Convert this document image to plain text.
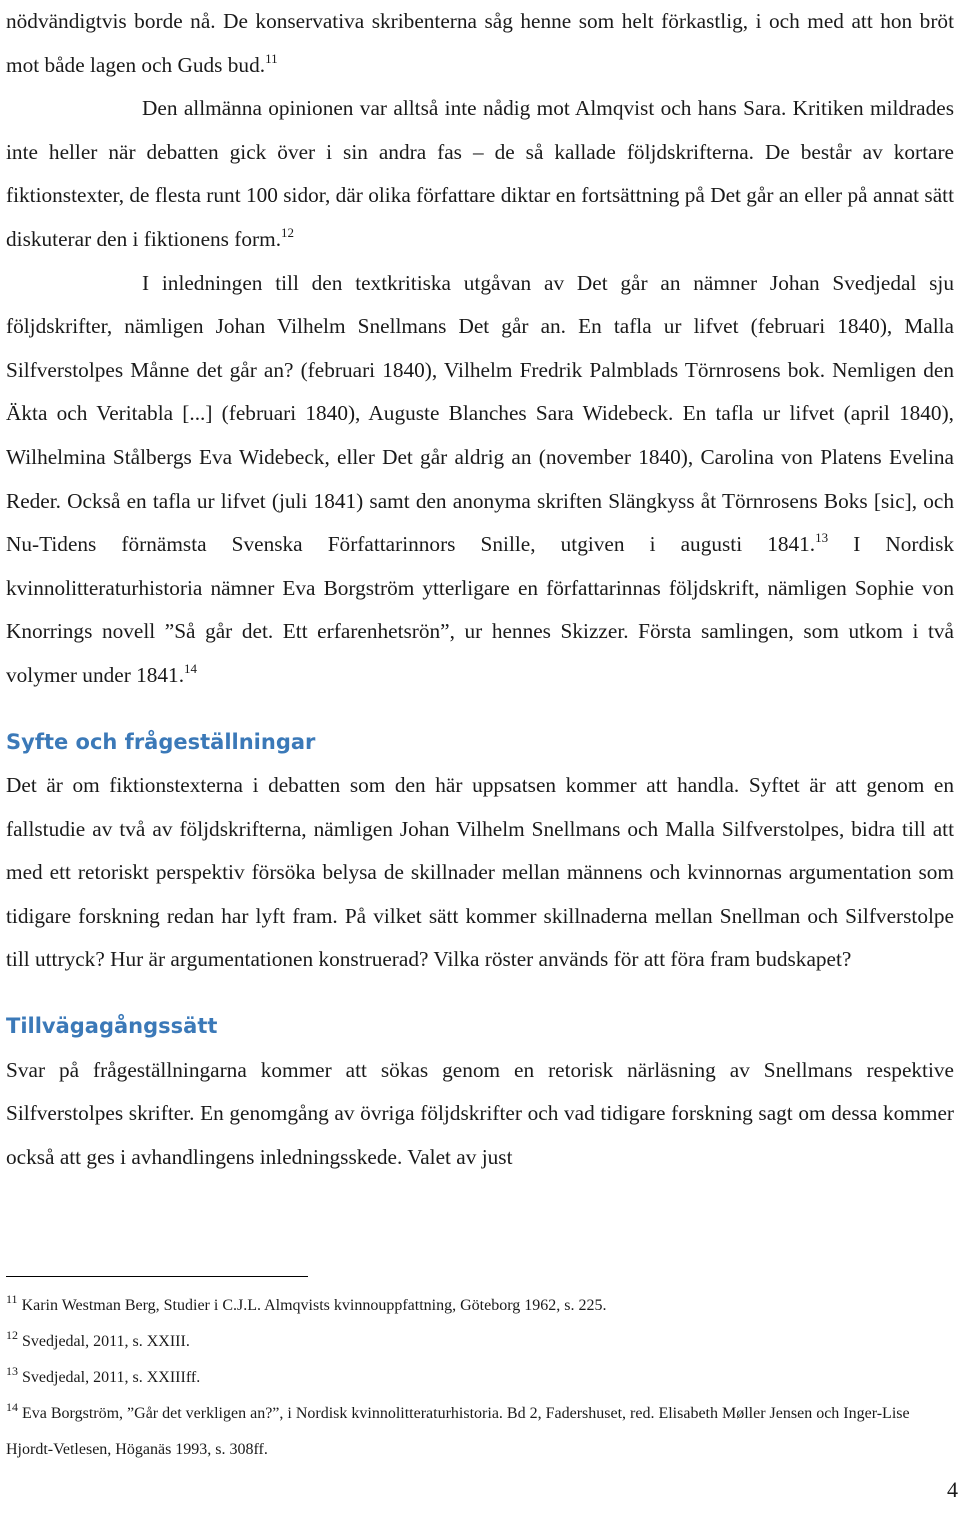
nödvändigtvis borde nå. De konservativa skribenterna såg henne som helt förkastlig, i och med att hon bröt mot både lagen och Guds bud.$^{11}$

Den allmänna opinionen var alltså inte nådig mot Almqvist och hans Sara. Kritiken mildrades inte heller när debatten gick över i sin andra fas – de så kallade följdskrifterna. De består av kortare fiktionstexter, de flesta runt 100 sidor, där olika författare diktar en fortsättning på Det går an eller på annat sätt diskuterar den i fiktionens form.$^{12}$

I inledningen till den textkritiska utgåvan av Det går an nämner Johan Svedjedal sju följdskrifter, nämligen Johan Vilhelm Snellmans Det går an. En tafla ur lifvet (februari 1840), Malla Silfverstolpes Månne det går an? (februari 1840), Vilhelm Fredrik Palmblads Törnrosens bok. Nemligen den Äkta och Veritabla [...] (februari 1840), Auguste Blanches Sara Widebeck. En tafla ur lifvet (april 1840), Wilhelmina Stålbergs Eva Widebeck, eller Det går aldrig an (november 1840), Carolina von Platens Evelina Reder. Också en tafla ur lifvet (juli 1841) samt den anonyma skriften Slängkyss åt Törnrosens Boks [sic], och Nu-Tidens förnämsta Svenska Författarinnors Snille, utgiven i augusti 1841.13 I Nordisk kvinnolitteraturhistoria nämner Eva Borgström ytterligare en författarinnas följdskrift, nämligen Sophie von Knorrings novell ”Så går det. Ett erfarenhetsrön”, ur hennes Skizzer. Första samlingen, som utkom i två volymer under 1841.14

Syfte och frågeställningar

Det är om fiktionstexterna i debatten som den här uppsatsen kommer att handla. Syftet är att genom en fallstudie av två av följdskrifterna, nämligen Johan Vilhelm Snellmans och Malla Silfverstolpes, bidra till att med ett retoriskt perspektiv försöka belysa de skillnader mellan männens och kvinnornas argumentation som tidigare forskning redan har lyft fram. På vilket sätt kommer skillnaderna mellan Snellman och Silfverstolpe till uttryck? Hur är argumentationen konstruerad? Vilka röster används för att föra fram budskapet?

Tillvägagångssätt

Svar på frågeställningarna kommer att sökas genom en retorisk närläsning av Snellmans respektive Silfverstolpes skrifter. En genomgång av övriga följdskrifter och vad tidigare forskning sagt om dessa kommer också att ges i avhandlingens inledningsskede. Valet av just

$^{11}$ Karin Westman Berg, Studier i C.J.L. Almqvists kvinnouppfattning, Göteborg 1962, s. 225.

$^{12}$ Svedjedal, 2011, s. XXIII.

$^{13}$ Svedjedal, 2011, s. XXIIIff.

$^{14}$ Eva Borgström, ”Går det verkligen an?”, i Nordisk kvinnolitteraturhistoria. Bd 2, Fadershuset, red. Elisabeth Møller Jensen och Inger-Lise Hjordt-Vetlesen, Höganäs 1993, s. 308ff.

4
